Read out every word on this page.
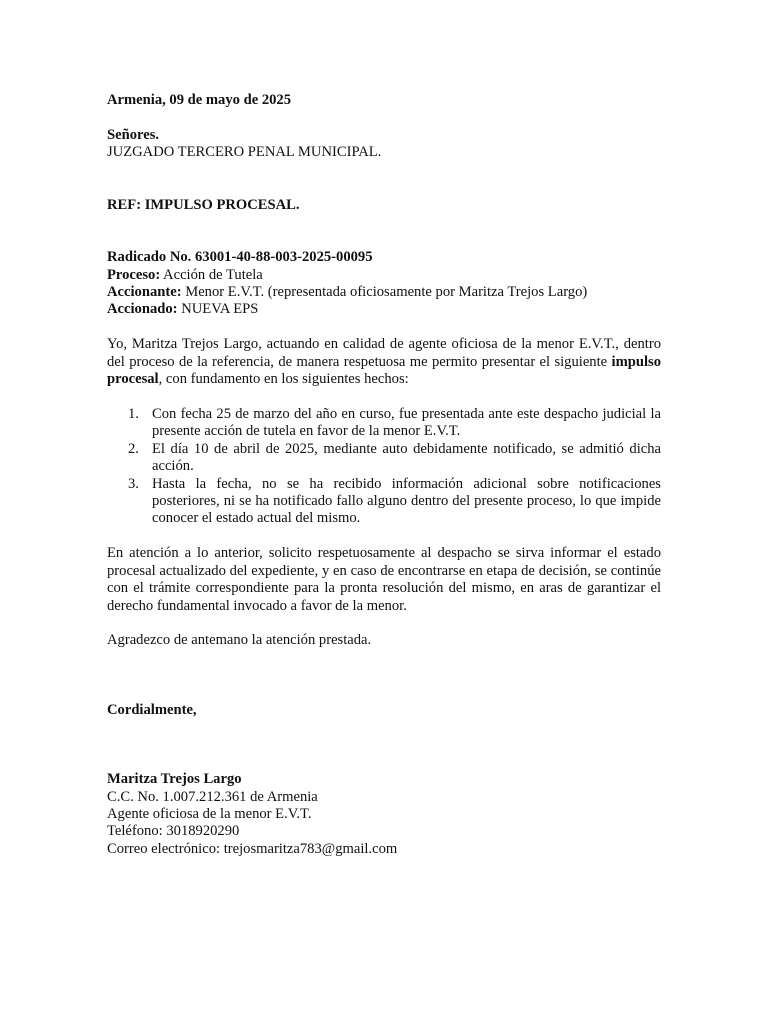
Armenia, 09 de mayo de 2025
Señores.
JUZGADO TERCERO PENAL MUNICIPAL.
REF: IMPULSO PROCESAL.
Radicado No. 63001-40-88-003-2025-00095
Proceso: Acción de Tutela
Accionante: Menor E.V.T. (representada oficiosamente por Maritza Trejos Largo)
Accionado: NUEVA EPS

Yo, Maritza Trejos Largo, actuando en calidad de agente oficiosa de la menor E.V.T., dentro del proceso de la referencia, de manera respetuosa me permito presentar el siguiente impulso procesal, con fundamento en los siguientes hechos:

1. Con fecha 25 de marzo del año en curso, fue presentada ante este despacho judicial la presente acción de tutela en favor de la menor E.V.T.
2. El día 10 de abril de 2025, mediante auto debidamente notificado, se admitió dicha acción.
3. Hasta la fecha, no se ha recibido información adicional sobre notificaciones posteriores, ni se ha notificado fallo alguno dentro del presente proceso, lo que impide conocer el estado actual del mismo.

En atención a lo anterior, solicito respetuosamente al despacho se sirva informar el estado procesal actualizado del expediente, y en caso de encontrarse en etapa de decisión, se continúe con el trámite correspondiente para la pronta resolución del mismo, en aras de garantizar el derecho fundamental invocado a favor de la menor.

Agradezco de antemano la atención prestada.
Cordialmente,
Maritza Trejos Largo
C.C. No. 1.007.212.361 de Armenia
Agente oficiosa de la menor E.V.T.
Teléfono: 3018920290
Correo electrónico: trejosmaritza783@gmail.com
